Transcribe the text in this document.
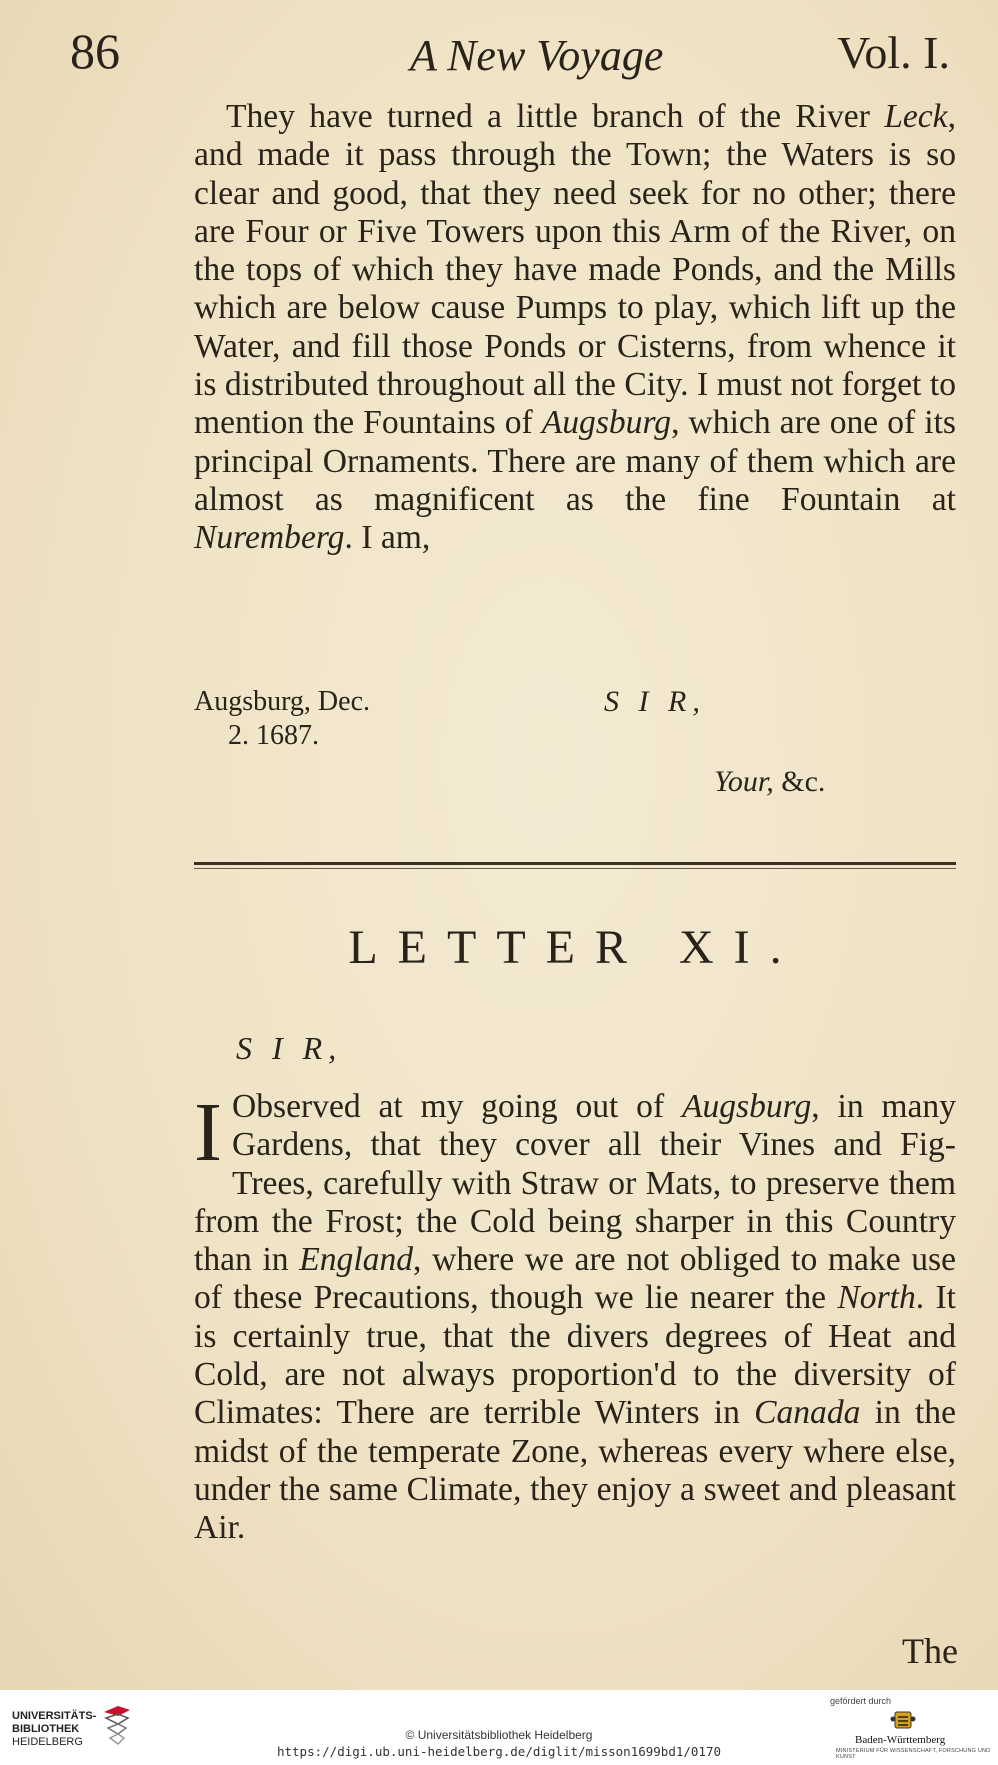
86	A New Voyage	Vol. I.
They have turned a little branch of the River Leck, and made it pass through the Town; the Waters is so clear and good, that they need seek for no other; there are Four or Five Towers upon this Arm of the River, on the tops of which they have made Ponds, and the Mills which are below cause Pumps to play, which lift up the Water, and fill those Ponds or Cisterns, from whence it is distributed throughout all the City. I must not forget to mention the Fountains of Augsburg, which are one of its principal Ornaments. There are many of them which are almost as magnificent as the fine Fountain at Nuremberg. I am,
Augsburg, Dec.
2. 1687.
S I R,
Your, &c.
LETTER XI.
S I R,
I Observed at my going out of Augsburg, in many Gardens, that they cover all their Vines and Fig-Trees, carefully with Straw or Mats, to preserve them from the Frost; the Cold being sharper in this Country than in England, where we are not obliged to make use of these Precautions, though we lie nearer the North. It is certainly true, that the divers degrees of Heat and Cold, are not always proportion'd to the diversity of Climates: There are terrible Winters in Canada in the midst of the temperate Zone, whereas every where else, under the same Climate, they enjoy a sweet and pleasant Air.
The
UNIVERSITÄTS-
BIBLIOTHEK
HEIDELBERG	© Universitätsbibliothek Heidelberg
https://digi.ub.uni-heidelberg.de/diglit/misson1699bd1/0170
gefördert durch
Baden-Württemberg
MINISTERIUM FÜR WISSENSCHAFT, FORSCHUNG UND KUNST
